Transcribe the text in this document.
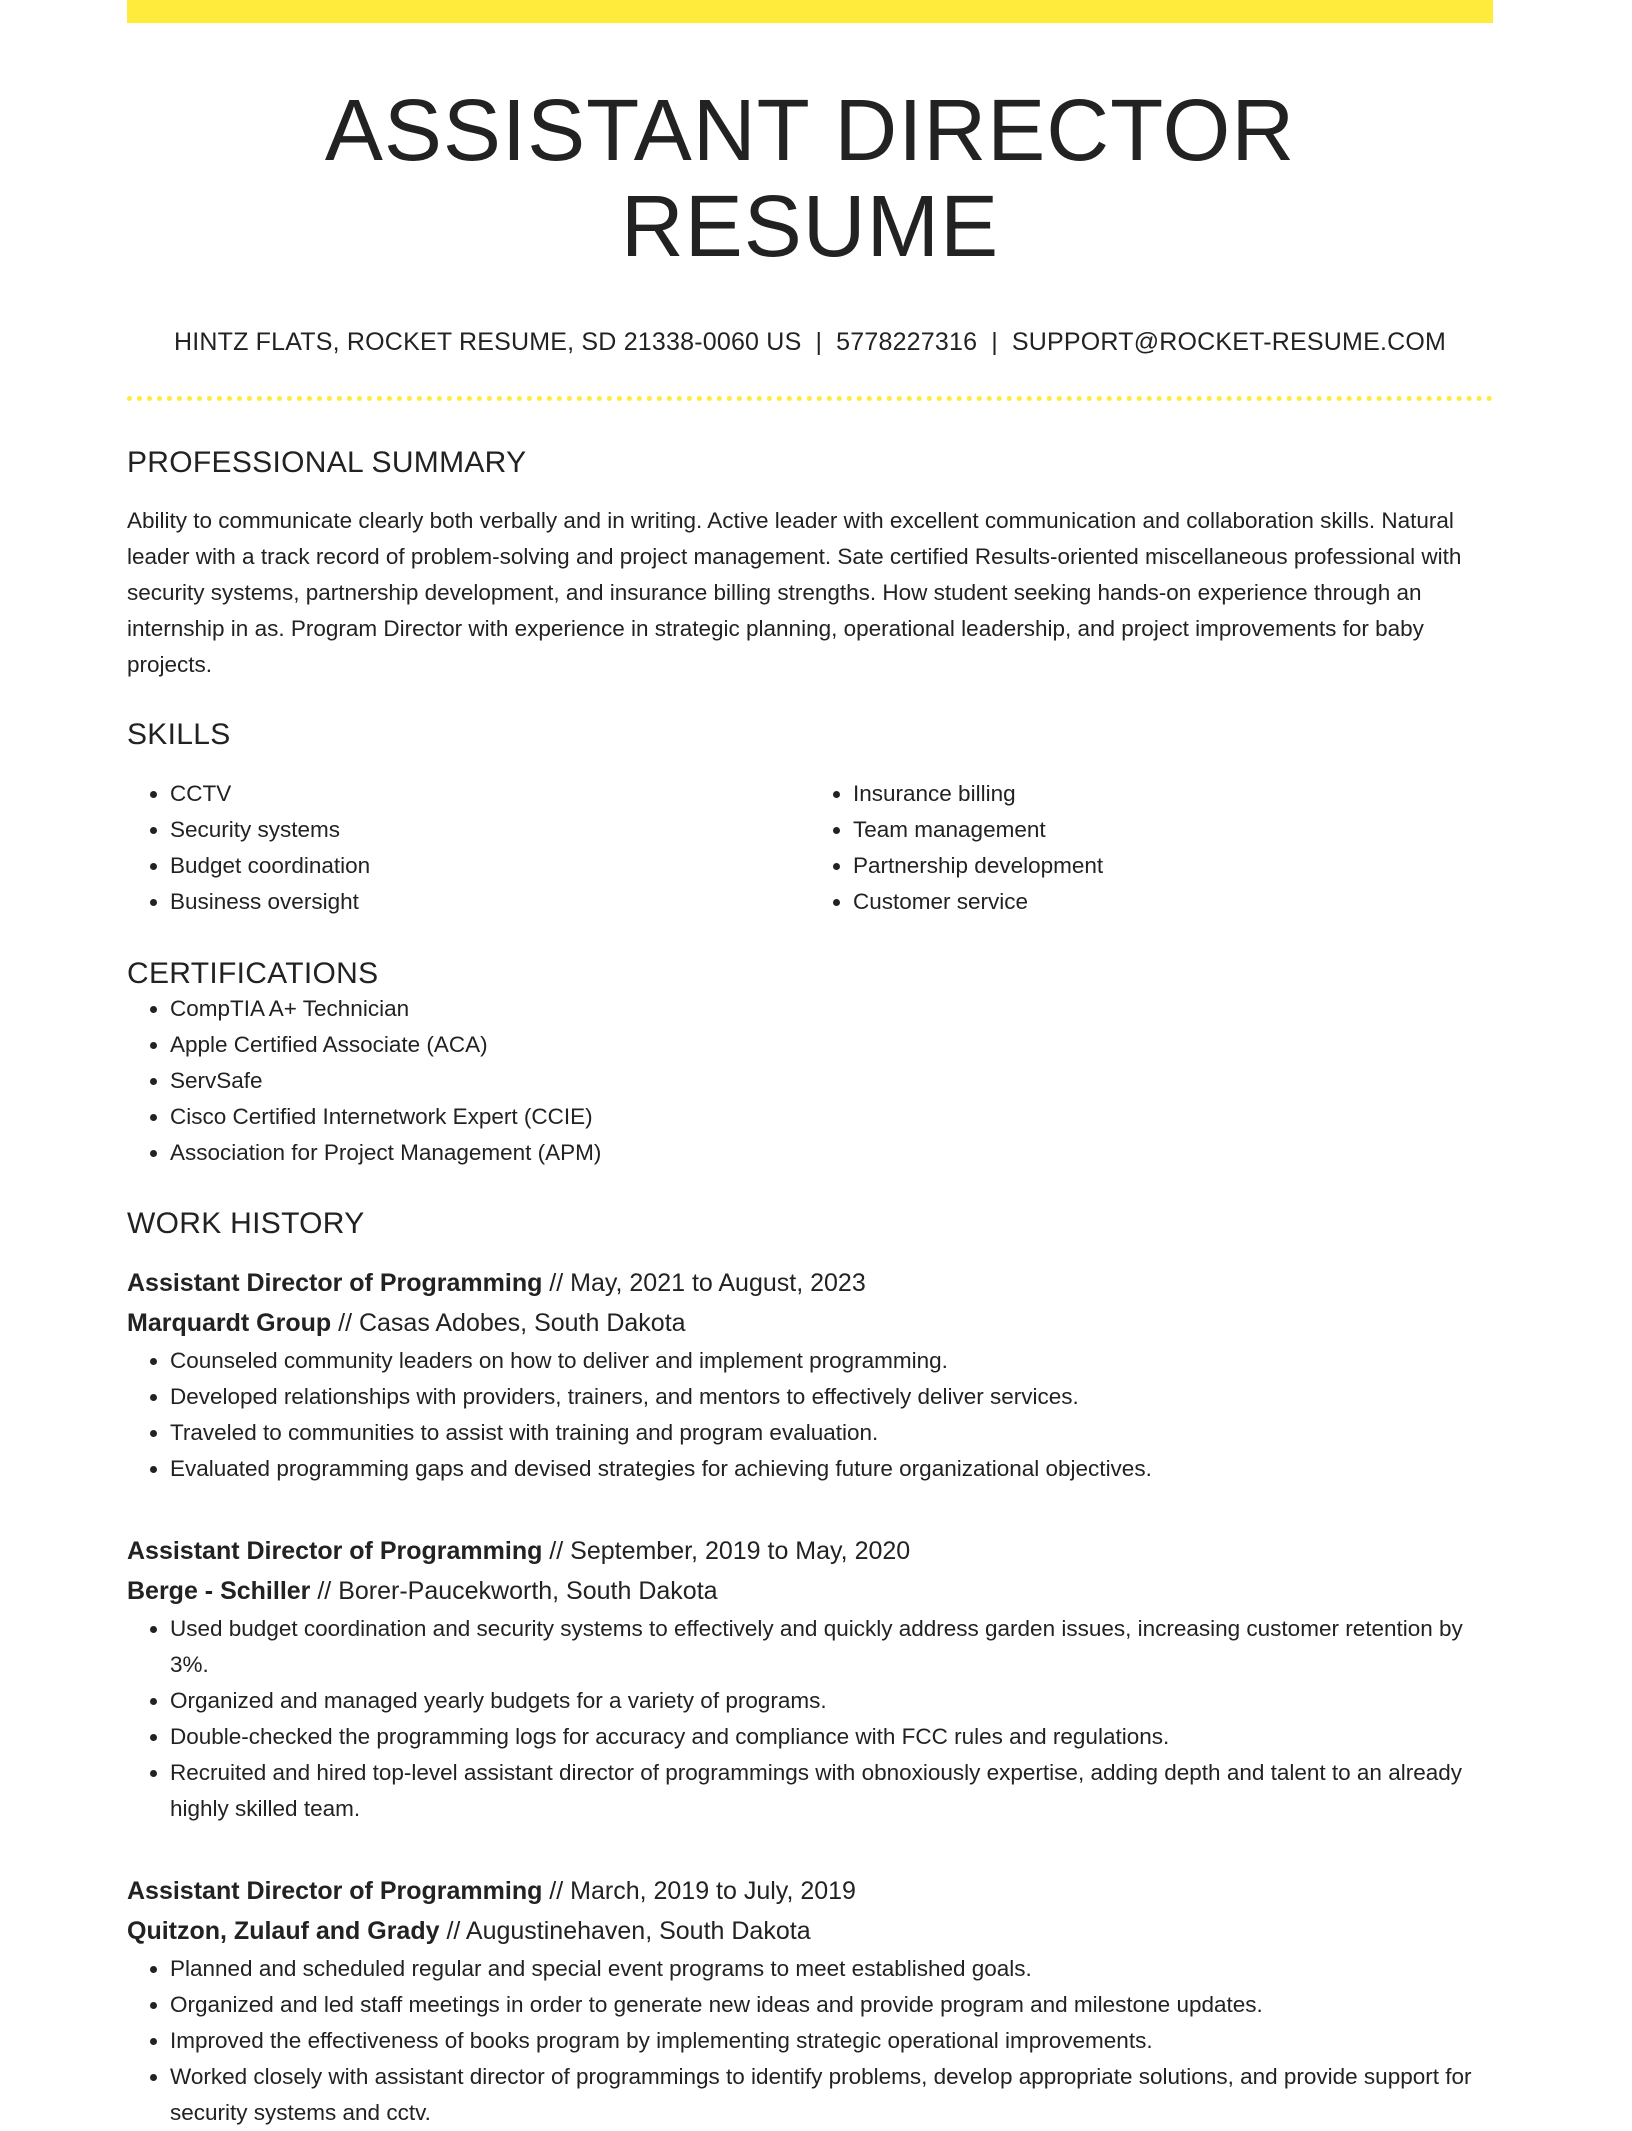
ASSISTANT DIRECTOR RESUME
HINTZ FLATS, ROCKET RESUME, SD 21338-0060 US | 5778227316 | SUPPORT@ROCKET-RESUME.COM
PROFESSIONAL SUMMARY

Ability to communicate clearly both verbally and in writing. Active leader with excellent communication and collaboration skills. Natural leader with a track record of problem-solving and project management. Sate certified Results-oriented miscellaneous professional with security systems, partnership development, and insurance billing strengths. How student seeking hands-on experience through an internship in as. Program Director with experience in strategic planning, operational leadership, and project improvements for baby projects.

SKILLS
• CCTV
• Security systems
• Budget coordination
• Business oversight
• Insurance billing
• Team management
• Partnership development
• Customer service
CERTIFICATIONS
• CompTIA A+ Technician
• Apple Certified Associate (ACA)
• ServSafe
• Cisco Certified Internetwork Expert (CCIE)
• Association for Project Management (APM)
WORK HISTORY
Assistant Director of Programming // May, 2021 to August, 2023
Marquardt Group // Casas Adobes, South Dakota
• Counseled community leaders on how to deliver and implement programming.
• Developed relationships with providers, trainers, and mentors to effectively deliver services.
• Traveled to communities to assist with training and program evaluation.
• Evaluated programming gaps and devised strategies for achieving future organizational objectives.
Assistant Director of Programming // September, 2019 to May, 2020
Berge - Schiller // Borer-Paucekworth, South Dakota
• Used budget coordination and security systems to effectively and quickly address garden issues, increasing customer retention by 3%.
• Organized and managed yearly budgets for a variety of programs.
• Double-checked the programming logs for accuracy and compliance with FCC rules and regulations.
• Recruited and hired top-level assistant director of programmings with obnoxiously expertise, adding depth and talent to an already highly skilled team.
Assistant Director of Programming // March, 2019 to July, 2019
Quitzon, Zulauf and Grady // Augustinehaven, South Dakota
• Planned and scheduled regular and special event programs to meet established goals.
• Organized and led staff meetings in order to generate new ideas and provide program and milestone updates.
• Improved the effectiveness of books program by implementing strategic operational improvements.
• Worked closely with assistant director of programmings to identify problems, develop appropriate solutions, and provide support for security systems and cctv.
